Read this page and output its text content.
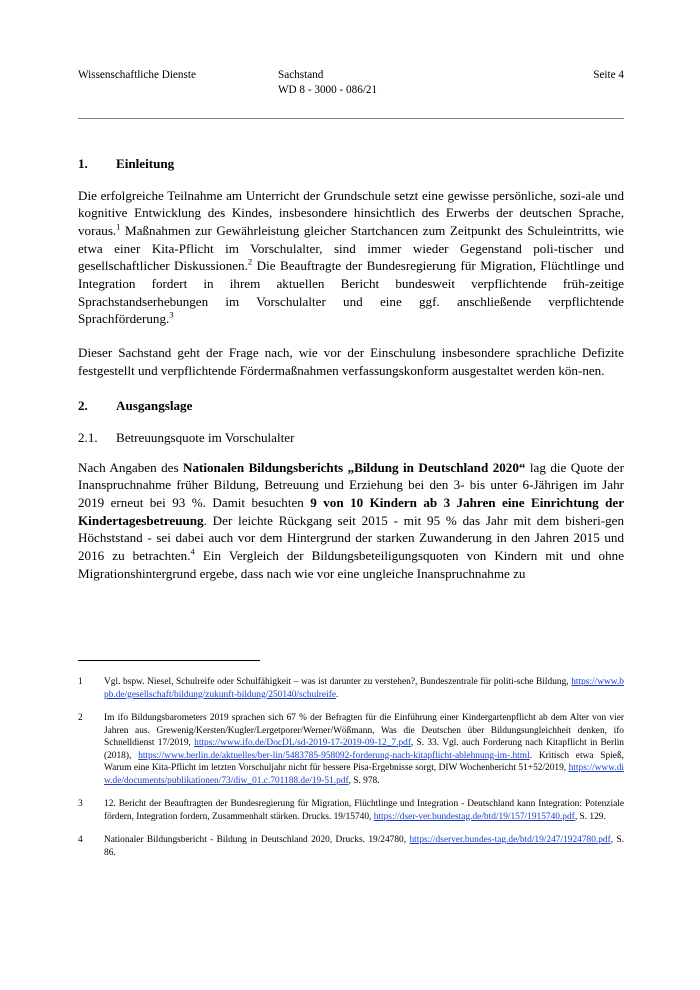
Wissenschaftliche Dienste	Sachstand
WD 8 - 3000 - 086/21
Seite 4
1.	Einleitung

Die erfolgreiche Teilnahme am Unterricht der Grundschule setzt eine gewisse persönliche, sozi-ale und kognitive Entwicklung des Kindes, insbesondere hinsichtlich des Erwerbs der deutschen Sprache, voraus.$^1$ Maßnahmen zur Gewährleistung gleicher Startchancen zum Zeitpunkt des Schuleintritts, wie etwa einer Kita-Pflicht im Vorschulalter, sind immer wieder Gegenstand poli-tischer und gesellschaftlicher Diskussionen.$^2$ Die Beauftragte der Bundesregierung für Migration, Flüchtlinge und Integration fordert in ihrem aktuellen Bericht bundesweit verpflichtende früh-zeitige Sprachstandserhebungen im Vorschulalter und eine ggf. anschließende verpflichtende Sprachförderung.$^3$

Dieser Sachstand geht der Frage nach, wie vor der Einschulung insbesondere sprachliche Defizite festgestellt und verpflichtende Fördermaßnahmen verfassungskonform ausgestaltet werden kön-nen.

2.	Ausgangslage
2.1.	Betreuungsquote im Vorschulalter

Nach Angaben des Nationalen Bildungsberichts „Bildung in Deutschland 2020“ lag die Quote der Inanspruchnahme früher Bildung, Betreuung und Erziehung bei den 3- bis unter 6-Jährigen im Jahr 2019 erneut bei 93 %. Damit besuchten 9 von 10 Kindern ab 3 Jahren eine Einrichtung der Kindertagesbetreuung. Der leichte Rückgang seit 2015 - mit 95 % das Jahr mit dem bisheri-gen Höchststand - sei dabei auch vor dem Hintergrund der starken Zuwanderung in den Jahren 2015 und 2016 zu betrachten.$^4$ Ein Vergleich der Bildungsbeteiligungsquoten von Kindern mit und ohne Migrationshintergrund ergebe, dass nach wie vor eine ungleiche Inanspruchnahme zu

1	Vgl. bspw. Niesel, Schulreife oder Schulfähigkeit – was ist darunter zu verstehen?, Bundeszentrale für politi-sche Bildung, https://www.bpb.de/gesellschaft/bildung/zukunft-bildung/250140/schulreife.
2	Im ifo Bildungsbarometers 2019 sprachen sich 67 % der Befragten für die Einführung einer Kindergartenpflicht ab dem Alter von vier Jahren aus. Grewenig/Kersten/Kugler/Lergetporer/Werner/Wößmann, Was die Deutschen über Bildungsungleichheit denken, ifo Schnelldienst 17/2019, https://www.ifo.de/DocDL/sd-2019-17-2019-09-12_7.pdf, S. 33. Vgl. auch Forderung nach Kitapflicht in Berlin (2018), https://www.berlin.de/aktuelles/ber-lin/5483785-958092-forderung-nach-kitapflicht-ablehnung-im-.html. Kritisch etwa Spieß, Warum eine Kita-Pflicht im letzten Vorschuljahr nicht für bessere Pisa-Ergebnisse sorgt, DIW Wochenbericht 51+52/2019, https://www.diw.de/documents/publikationen/73/diw_01.c.701188.de/19-51.pdf, S. 978.
3	12. Bericht der Beauftragten der Bundesregierung für Migration, Flüchtlinge und Integration - Deutschland kann Integration: Potenziale fördern, Integration fordern, Zusammenhalt stärken. Drucks. 19/15740, https://dser-ver.bundestag.de/btd/19/157/1915740.pdf, S. 129.
4	Nationaler Bildungsbericht - Bildung in Deutschland 2020, Drucks. 19/24780, https://dserver.bundes-tag.de/btd/19/247/1924780.pdf, S. 86.
